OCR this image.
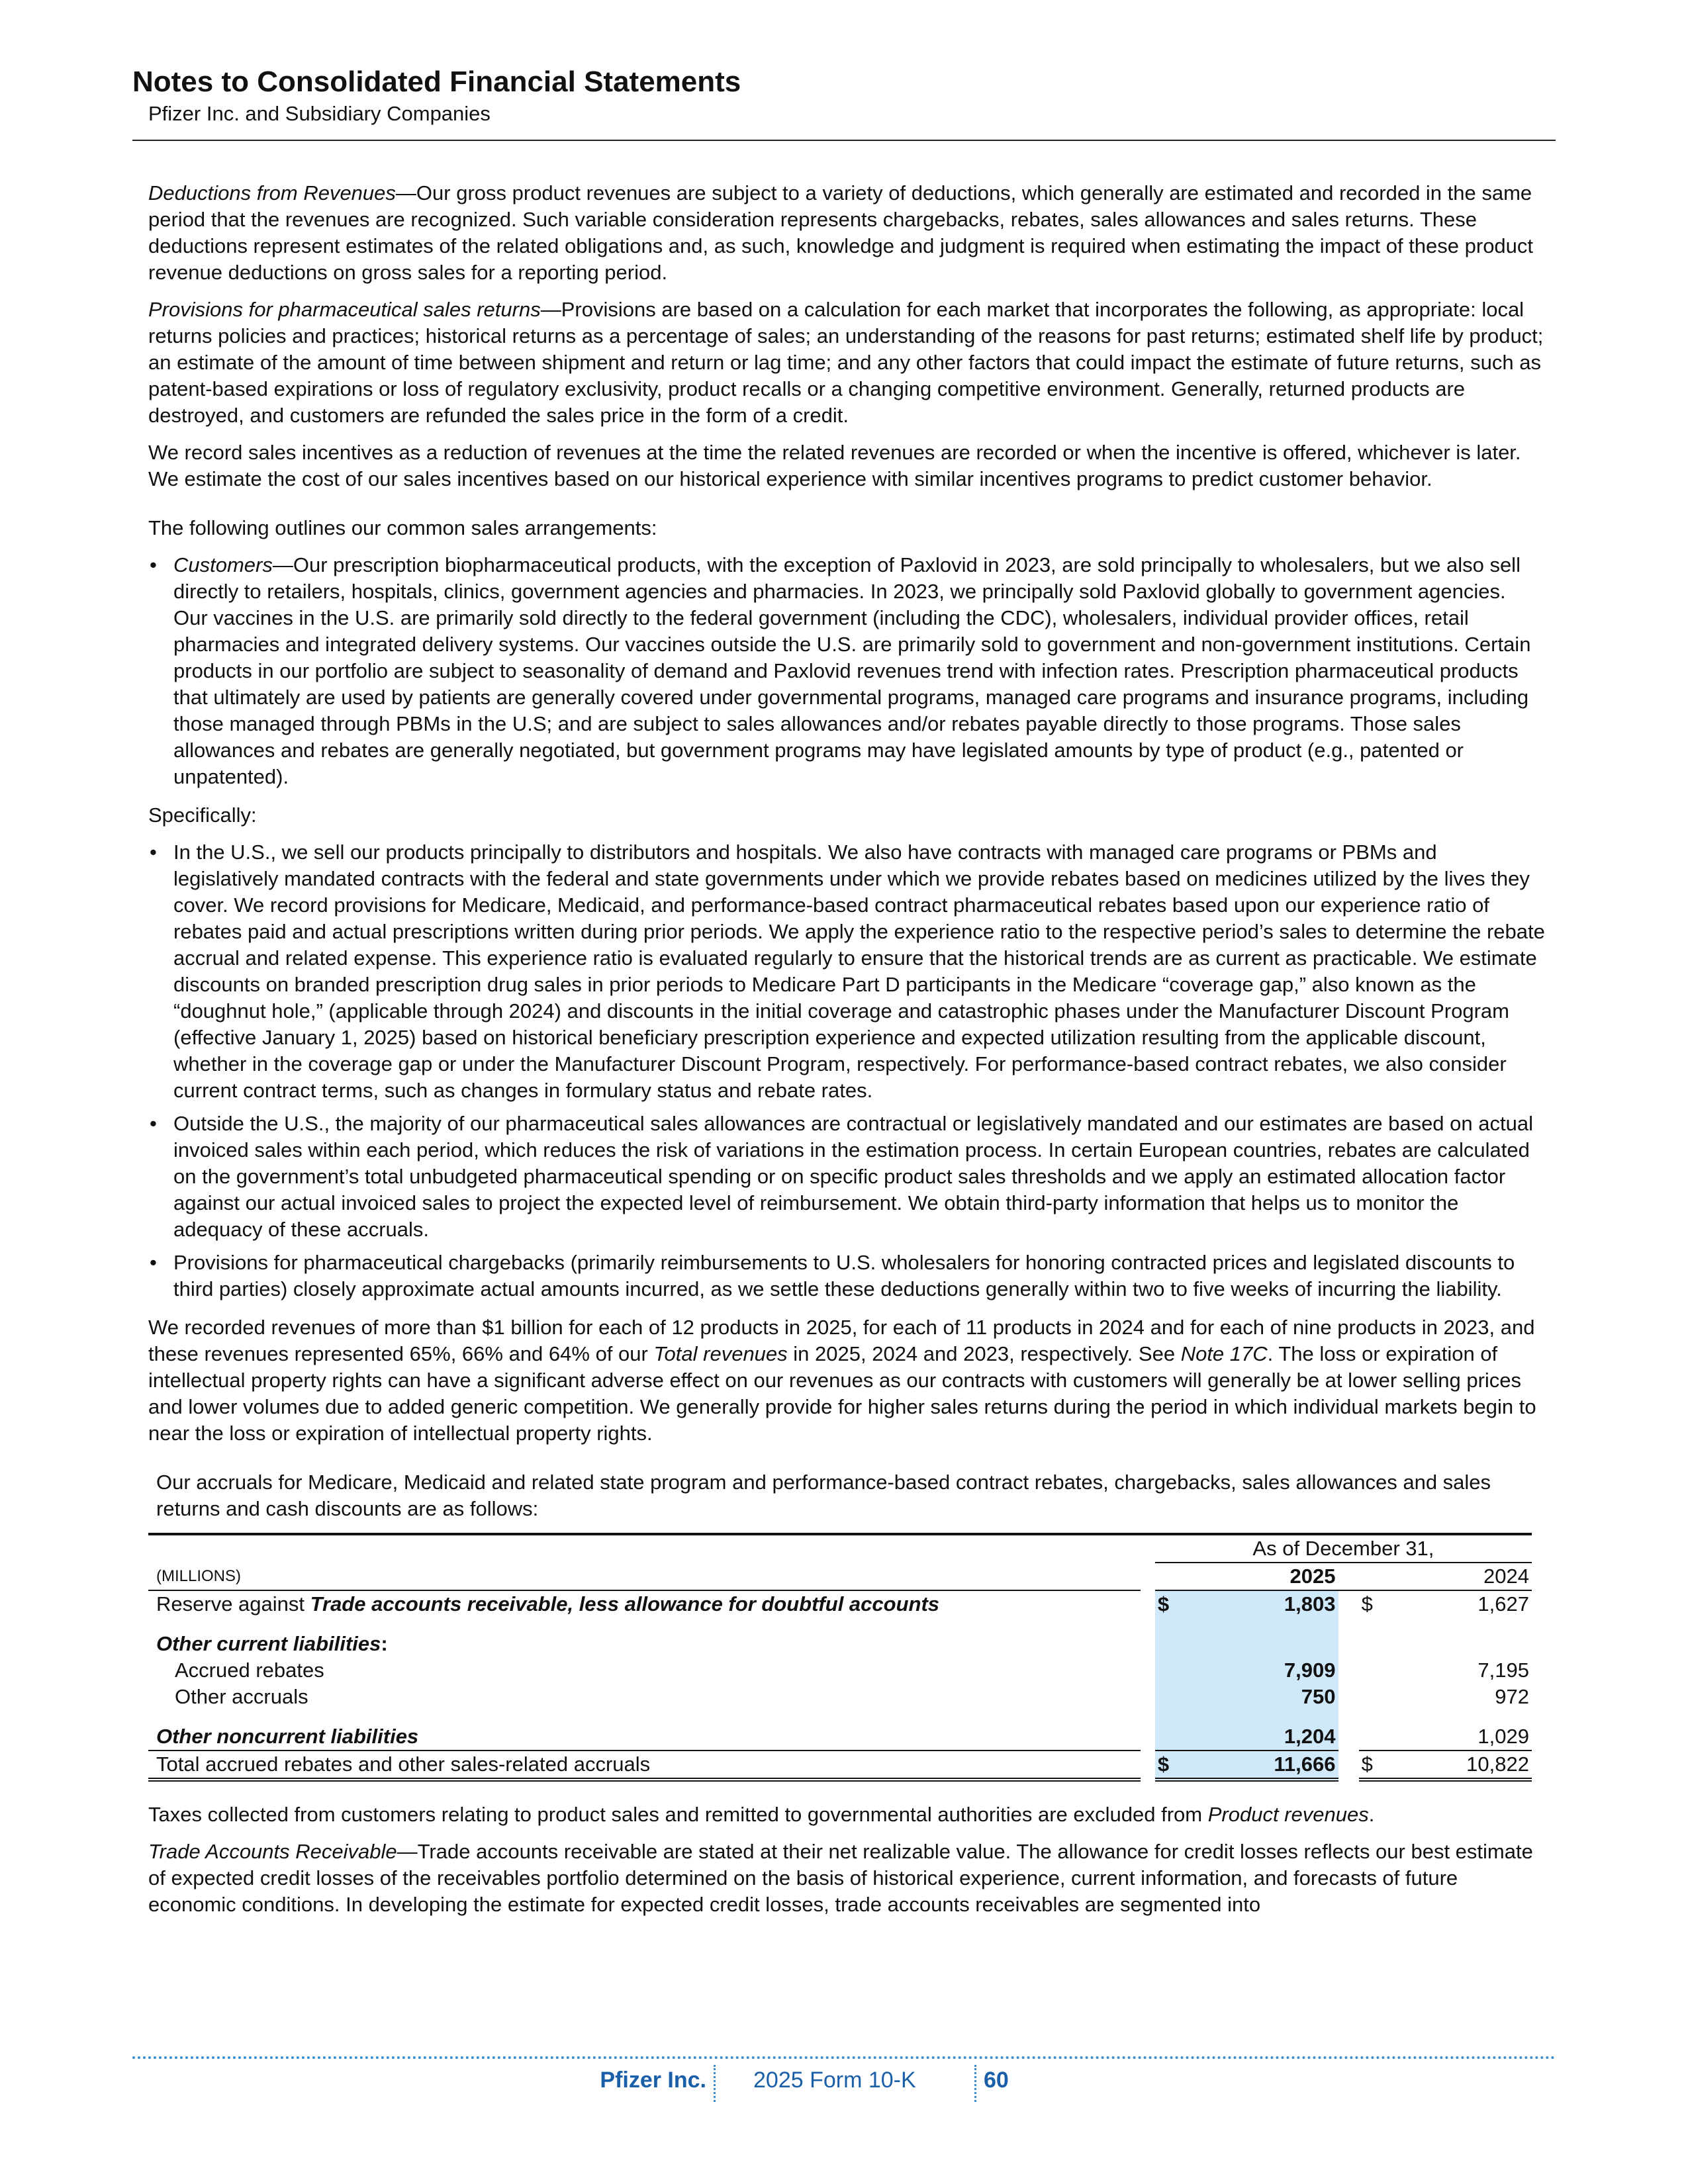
Notes to Consolidated Financial Statements
Pfizer Inc. and Subsidiary Companies

Deductions from Revenues—Our gross product revenues are subject to a variety of deductions, which generally are estimated and recorded in the same period that the revenues are recognized. Such variable consideration represents chargebacks, rebates, sales allowances and sales returns. These deductions represent estimates of the related obligations and, as such, knowledge and judgment is required when estimating the impact of these product revenue deductions on gross sales for a reporting period.

Provisions for pharmaceutical sales returns—Provisions are based on a calculation for each market that incorporates the following, as appropriate: local returns policies and practices; historical returns as a percentage of sales; an understanding of the reasons for past returns; estimated shelf life by product; an estimate of the amount of time between shipment and return or lag time; and any other factors that could impact the estimate of future returns, such as patent-based expirations or loss of regulatory exclusivity, product recalls or a changing competitive environment. Generally, returned products are destroyed, and customers are refunded the sales price in the form of a credit.

We record sales incentives as a reduction of revenues at the time the related revenues are recorded or when the incentive is offered, whichever is later. We estimate the cost of our sales incentives based on our historical experience with similar incentives programs to predict customer behavior.

The following outlines our common sales arrangements:

• Customers—Our prescription biopharmaceutical products, with the exception of Paxlovid in 2023, are sold principally to wholesalers, but we also sell directly to retailers, hospitals, clinics, government agencies and pharmacies. In 2023, we principally sold Paxlovid globally to government agencies. Our vaccines in the U.S. are primarily sold directly to the federal government (including the CDC), wholesalers, individual provider offices, retail pharmacies and integrated delivery systems. Our vaccines outside the U.S. are primarily sold to government and non-government institutions. Certain products in our portfolio are subject to seasonality of demand and Paxlovid revenues trend with infection rates. Prescription pharmaceutical products that ultimately are used by patients are generally covered under governmental programs, managed care programs and insurance programs, including those managed through PBMs in the U.S; and are subject to sales allowances and/or rebates payable directly to those programs. Those sales allowances and rebates are generally negotiated, but government programs may have legislated amounts by type of product (e.g., patented or unpatented).

Specifically:

• In the U.S., we sell our products principally to distributors and hospitals. We also have contracts with managed care programs or PBMs and legislatively mandated contracts with the federal and state governments under which we provide rebates based on medicines utilized by the lives they cover. We record provisions for Medicare, Medicaid, and performance-based contract pharmaceutical rebates based upon our experience ratio of rebates paid and actual prescriptions written during prior periods. We apply the experience ratio to the respective period’s sales to determine the rebate accrual and related expense. This experience ratio is evaluated regularly to ensure that the historical trends are as current as practicable. We estimate discounts on branded prescription drug sales in prior periods to Medicare Part D participants in the Medicare “coverage gap,” also known as the “doughnut hole,” (applicable through 2024) and discounts in the initial coverage and catastrophic phases under the Manufacturer Discount Program (effective January 1, 2025) based on historical beneficiary prescription experience and expected utilization resulting from the applicable discount, whether in the coverage gap or under the Manufacturer Discount Program, respectively. For performance-based contract rebates, we also consider current contract terms, such as changes in formulary status and rebate rates.
• Outside the U.S., the majority of our pharmaceutical sales allowances are contractual or legislatively mandated and our estimates are based on actual invoiced sales within each period, which reduces the risk of variations in the estimation process. In certain European countries, rebates are calculated on the government’s total unbudgeted pharmaceutical spending or on specific product sales thresholds and we apply an estimated allocation factor against our actual invoiced sales to project the expected level of reimbursement. We obtain third-party information that helps us to monitor the adequacy of these accruals.
• Provisions for pharmaceutical chargebacks (primarily reimbursements to U.S. wholesalers for honoring contracted prices and legislated discounts to third parties) closely approximate actual amounts incurred, as we settle these deductions generally within two to five weeks of incurring the liability.

We recorded revenues of more than $1 billion for each of 12 products in 2025, for each of 11 products in 2024 and for each of nine products in 2023, and these revenues represented 65%, 66% and 64% of our Total revenues in 2025, 2024 and 2023, respectively. See Note 17C. The loss or expiration of intellectual property rights can have a significant adverse effect on our revenues as our contracts with customers will generally be at lower selling prices and lower volumes due to added generic competition. We generally provide for higher sales returns during the period in which individual markets begin to near the loss or expiration of intellectual property rights.

Our accruals for Medicare, Medicaid and related state program and performance-based contract rebates, chargebacks, sales allowances and sales returns and cash discounts are as follows:

		As of December 31,				
(MILLIONS)			2025			2024
Reserve against Trade accounts receivable, less allowance for doubtful accounts		$	1,803		$	1,627

Other current liabilities:						
Accrued rebates			7,909			7,195
Other accruals			750			972

Other noncurrent liabilities			1,204			1,029
Total accrued rebates and other sales-related accruals		$	11,666		$	10,822

Taxes collected from customers relating to product sales and remitted to governmental authorities are excluded from Product revenues.

Trade Accounts Receivable—Trade accounts receivable are stated at their net realizable value. The allowance for credit losses reflects our best estimate of expected credit losses of the receivables portfolio determined on the basis of historical experience, current information, and forecasts of future economic conditions. In developing the estimate for expected credit losses, trade accounts receivables are segmented into

Pfizer Inc. 2025 Form 10-K	60
